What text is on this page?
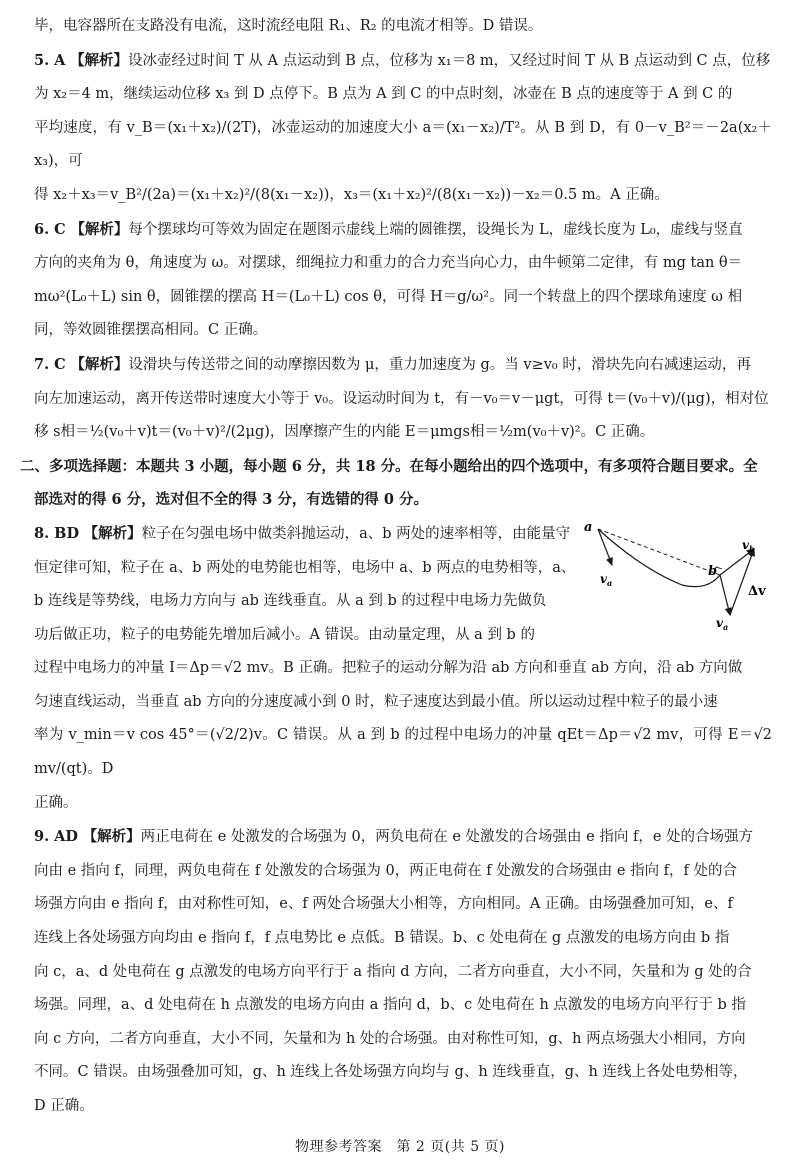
毕，电容器所在支路没有电流，这时流经电阻 R₁、R₂ 的电流才相等。D 错误。

5. A 【解析】设冰壶经过时间 T 从 A 点运动到 B 点，位移为 x₁＝8 m，又经过时间 T 从 B 点运动到 C 点，位移

为 x₂＝4 m，继续运动位移 x₃ 到 D 点停下。B 点为 A 到 C 的中点时刻，冰壶在 B 点的速度等于 A 到 C 的

平均速度，有 v_B＝(x₁＋x₂)/(2T)，冰壶运动的加速度大小 a＝(x₁－x₂)/T²。从 B 到 D，有 0－v_B²＝－2a(x₂＋x₃)，可

得 x₂＋x₃＝v_B²/(2a)＝(x₁＋x₂)²/(8(x₁－x₂))，x₃＝(x₁＋x₂)²/(8(x₁－x₂))－x₂＝0.5 m。A 正确。

6. C 【解析】每个摆球均可等效为固定在题图示虚线上端的圆锥摆，设绳长为 L，虚线长度为 L₀，虚线与竖直

方向的夹角为 θ，角速度为 ω。对摆球，细绳拉力和重力的合力充当向心力，由牛顿第二定律，有 mg tan θ＝

mω²(L₀＋L) sin θ，圆锥摆的摆高 H＝(L₀＋L) cos θ，可得 H＝g/ω²。同一个转盘上的四个摆球角速度 ω 相

同，等效圆锥摆摆高相同。C 正确。

7. C 【解析】设滑块与传送带之间的动摩擦因数为 μ，重力加速度为 g。当 v≥v₀ 时，滑块先向右减速运动，再

向左加速运动，离开传送带时速度大小等于 v₀。设运动时间为 t，有－v₀＝v－μgt，可得 t＝(v₀＋v)/(μg)，相对位

移 s相＝½(v₀＋v)t＝(v₀＋v)²/(2μg)，因摩擦产生的内能 E＝μmgs相＝½m(v₀＋v)²。C 正确。

二、多项选择题：本题共 3 小题，每小题 6 分，共 18 分。在每小题给出的四个选项中，有多项符合题目要求。全

部选对的得 6 分，选对但不全的得 3 分，有选错的得 0 分。

8. BD 【解析】粒子在匀强电场中做类斜抛运动，a、b 两处的速率相等，由能量守

恒定律可知，粒子在 a、b 两处的电势能也相等，电场中 a、b 两点的电势相等，a、

b 连线是等势线，电场力方向与 ab 连线垂直。从 a 到 b 的过程中电场力先做负

功后做正功，粒子的电势能先增加后减小。A 错误。由动量定理，从 a 到 b 的

a
b
$v_a$
$v_b$
$v_a$
Δv

过程中电场力的冲量 I＝Δp＝√2 mv。B 正确。把粒子的运动分解为沿 ab 方向和垂直 ab 方向，沿 ab 方向做

匀速直线运动，当垂直 ab 方向的分速度减小到 0 时，粒子速度达到最小值。所以运动过程中粒子的最小速

率为 v_min＝v cos 45°＝(√2/2)v。C 错误。从 a 到 b 的过程中电场力的冲量 qEt＝Δp＝√2 mv，可得 E＝√2 mv/(qt)。D

正确。

9. AD 【解析】两正电荷在 e 处激发的合场强为 0，两负电荷在 e 处激发的合场强由 e 指向 f，e 处的合场强方

向由 e 指向 f，同理，两负电荷在 f 处激发的合场强为 0，两正电荷在 f 处激发的合场强由 e 指向 f，f 处的合

场强方向由 e 指向 f，由对称性可知，e、f 两处合场强大小相等，方向相同。A 正确。由场强叠加可知，e、f

连线上各处场强方向均由 e 指向 f，f 点电势比 e 点低。B 错误。b、c 处电荷在 g 点激发的电场方向由 b 指

向 c，a、d 处电荷在 g 点激发的电场方向平行于 a 指向 d 方向，二者方向垂直，大小不同，矢量和为 g 处的合

场强。同理，a、d 处电荷在 h 点激发的电场方向由 a 指向 d，b、c 处电荷在 h 点激发的电场方向平行于 b 指

向 c 方向，二者方向垂直，大小不同，矢量和为 h 处的合场强。由对称性可知，g、h 两点场强大小相同，方向

不同。C 错误。由场强叠加可知，g、h 连线上各处场强方向均与 g、h 连线垂直，g、h 连线上各处电势相等，

D 正确。

物理参考答案　第 2 页(共 5 页)
